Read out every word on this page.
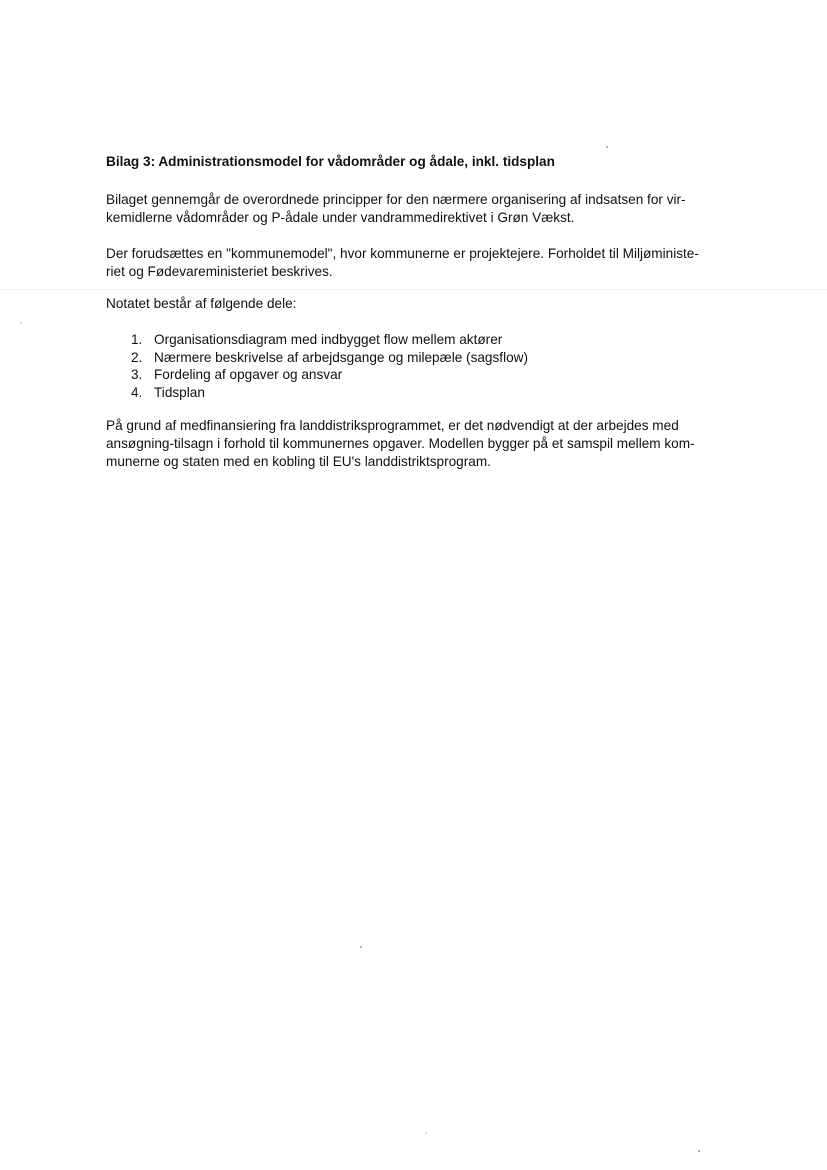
Bilag 3: Administrationsmodel for vådområder og ådale, inkl. tidsplan

Bilaget gennemgår de overordnede principper for den nærmere organisering af indsatsen for vir-
kemidlerne vådområder og P-ådale under vandrammedirektivet i Grøn Vækst.

Der forudsættes en "kommunemodel", hvor kommunerne er projektejere. Forholdet til Miljøministe-
riet og Fødevareministeriet beskrives.

Notatet består af følgende dele:

1. Organisationsdiagram med indbygget flow mellem aktører
2. Nærmere beskrivelse af arbejdsgange og milepæle (sagsflow)
3. Fordeling af opgaver og ansvar
4. Tidsplan

På grund af medfinansiering fra landdistriksprogrammet, er det nødvendigt at der arbejdes med
ansøgning-tilsagn i forhold til kommunernes opgaver. Modellen bygger på et samspil mellem kom-
munerne og staten med en kobling til EU's landdistriktsprogram.
